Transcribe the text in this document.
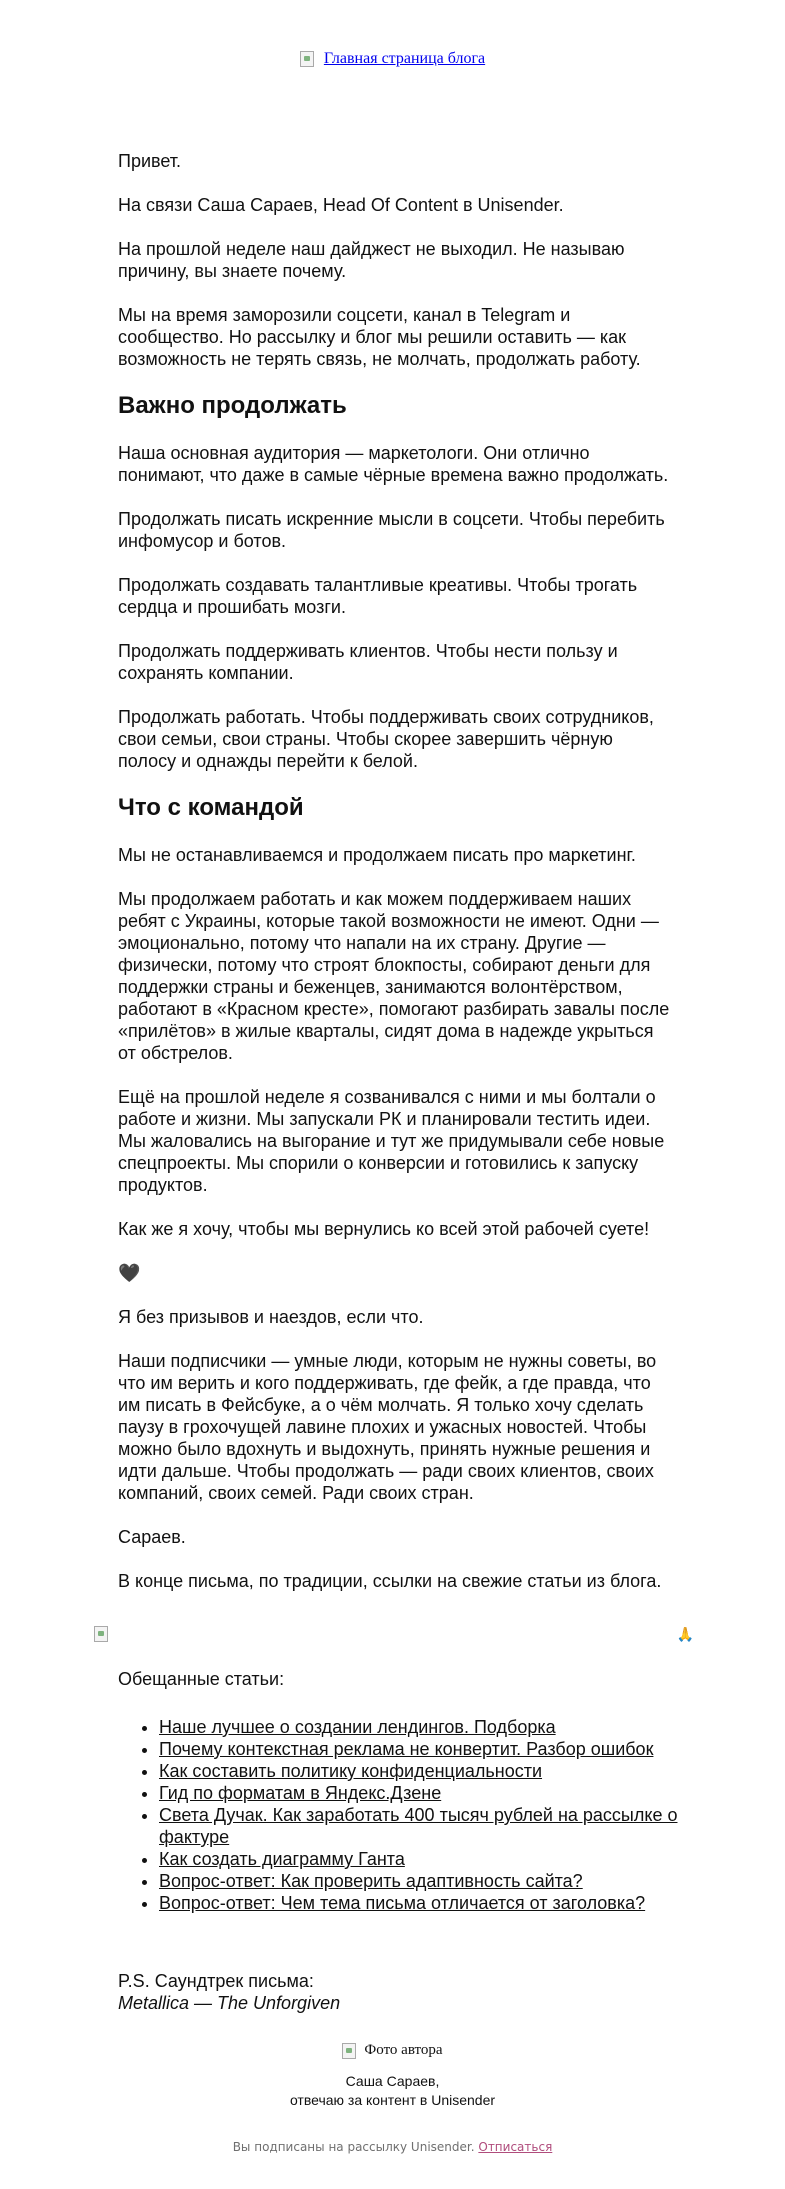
Главная страница блога

Привет.

На связи Саша Сараев, Head Of Content в Unisender.

На прошлой неделе наш дайджест не выходил. Не называю причину, вы знаете почему.

Мы на время заморозили соцсети, канал в Telegram и сообщество. Но рассылку и блог мы решили оставить — как возможность не терять связь, не молчать, продолжать работу.

Важно продолжать

Наша основная аудитория — маркетологи. Они отлично понимают, что даже в самые чёрные времена важно продолжать.

Продолжать писать искренние мысли в соцсети. Чтобы перебить инфомусор и ботов.

Продолжать создавать талантливые креативы. Чтобы трогать сердца и прошибать мозги.

Продолжать поддерживать клиентов. Чтобы нести пользу и сохранять компании.

Продолжать работать. Чтобы поддерживать своих сотрудников, свои семьи, свои страны. Чтобы скорее завершить чёрную полосу и однажды перейти к белой.

Что с командой

Мы не останавливаемся и продолжаем писать про маркетинг.

Мы продолжаем работать и как можем поддерживаем наших ребят с Украины, которые такой возможности не имеют. Одни — эмоционально, потому что напали на их страну. Другие — физически, потому что строят блокпосты, собирают деньги для поддержки страны и беженцев, занимаются волонтёрством, работают в «Красном кресте», помогают разбирать завалы после «прилётов» в жилые кварталы, сидят дома в надежде укрыться от обстрелов.

Ещё на прошлой неделе я созванивался с ними и мы болтали о работе и жизни. Мы запускали РК и планировали тестить идеи. Мы жаловались на выгорание и тут же придумывали себе новые спецпроекты. Мы спорили о конверсии и готовились к запуску продуктов.

Как же я хочу, чтобы мы вернулись ко всей этой рабочей суете!

🖤

Я без призывов и наездов, если что.

Наши подписчики — умные люди, которым не нужны советы, во что им верить и кого поддерживать, где фейк, а где правда, что им писать в Фейсбуке, а о чём молчать. Я только хочу сделать паузу в грохочущей лавине плохих и ужасных новостей. Чтобы можно было вдохнуть и выдохнуть, принять нужные решения и идти дальше. Чтобы продолжать — ради своих клиентов, своих компаний, своих семей. Ради своих стран.

Сараев.

В конце письма, по традиции, ссылки на свежие статьи из блога.

🙏

Обещанные статьи:

• Наше лучшее о создании лендингов. Подборка
• Почему контекстная реклама не конвертит. Разбор ошибок
• Как составить политику конфиденциальности
• Гид по форматам в Яндекс.Дзене
• Света Дучак. Как заработать 400 тысяч рублей на рассылке о фактуре
• Как создать диаграмму Ганта
• Вопрос-ответ: Как проверить адаптивность сайта?
• Вопрос-ответ: Чем тема письма отличается от заголовка?
P.S. Саундтрек письма:
Metallica — The Unforgiven
Фото автора
Саша Сараев,
отвечаю за контент в Unisender
Вы подписаны на рассылку Unisender. Отписаться
